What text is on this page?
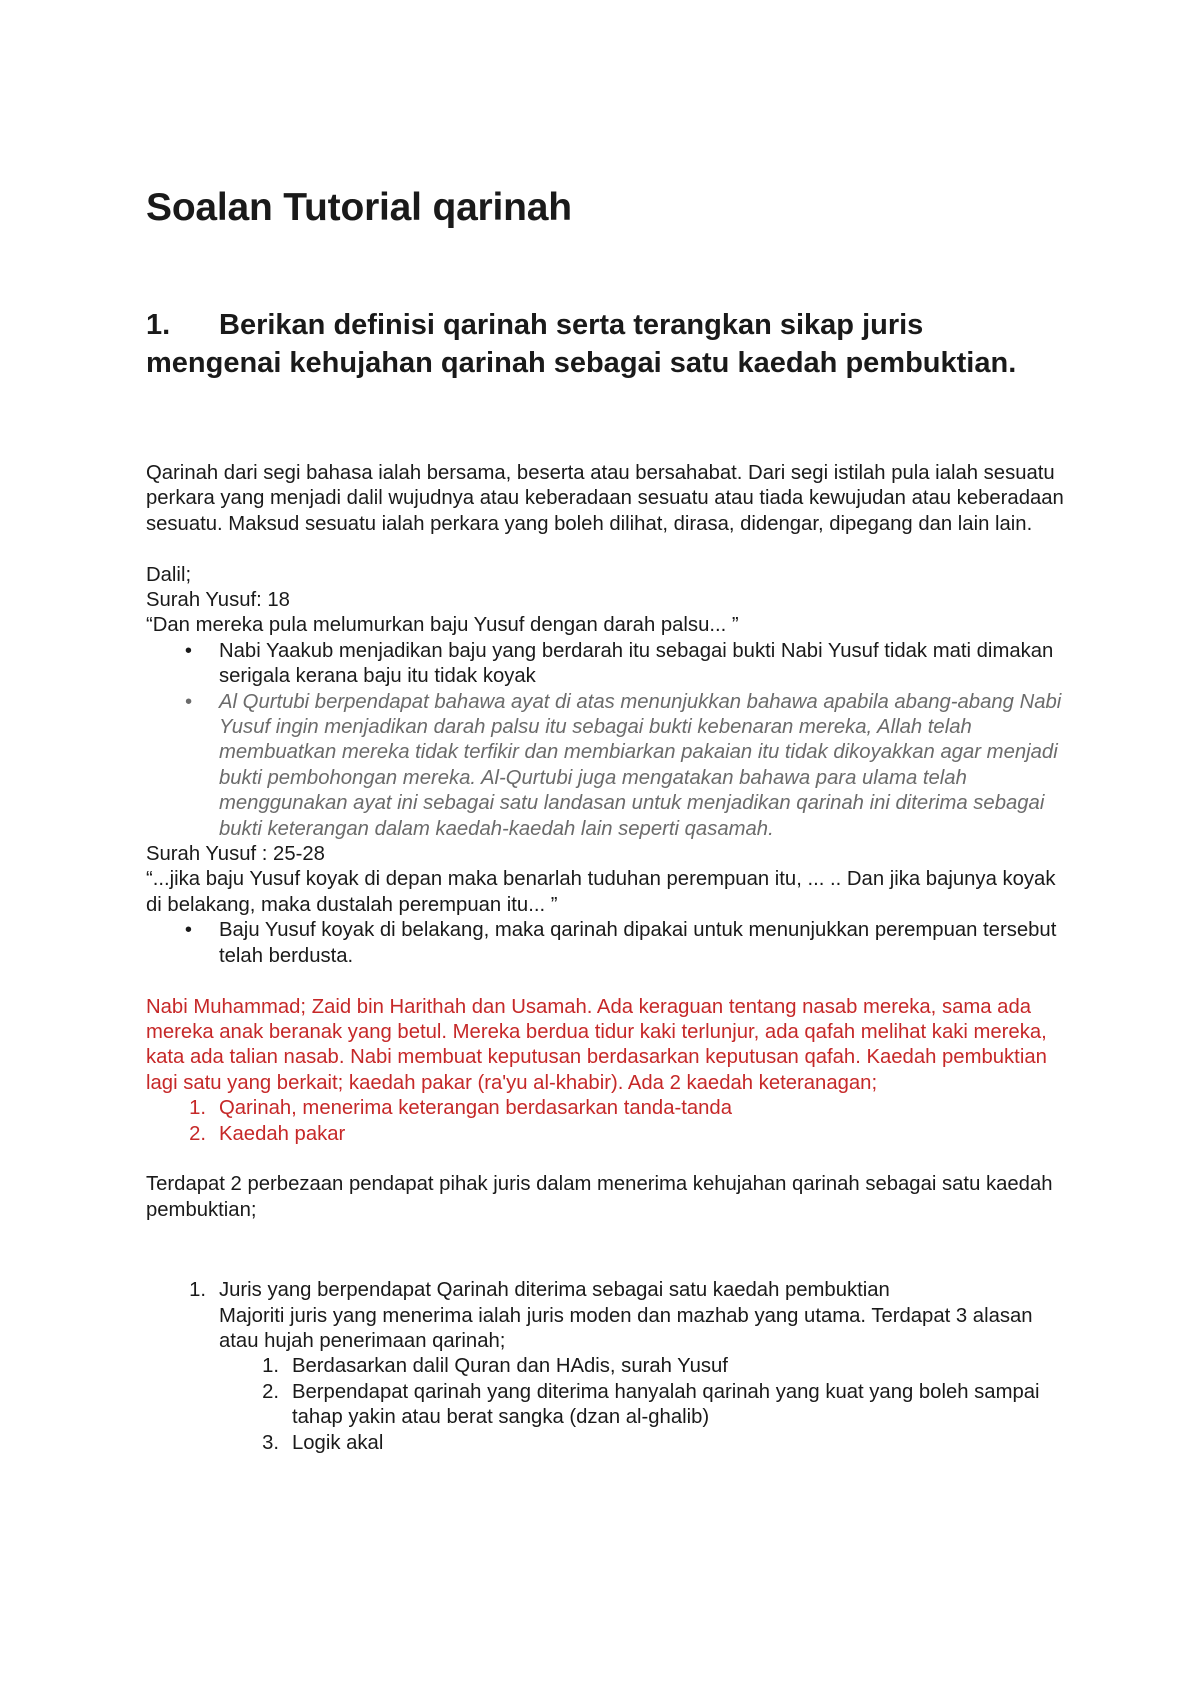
Soalan Tutorial qarinah
1. Berikan definisi qarinah serta terangkan sikap juris mengenai kehujahan qarinah sebagai satu kaedah pembuktian.

Qarinah dari segi bahasa ialah bersama, beserta atau bersahabat. Dari segi istilah pula ialah sesuatu perkara yang menjadi dalil wujudnya atau keberadaan sesuatu atau tiada kewujudan atau keberadaan sesuatu. Maksud sesuatu ialah perkara yang boleh dilihat, dirasa, didengar, dipegang dan lain lain.

Dalil;

Surah Yusuf: 18

“Dan mereka pula melumurkan baju Yusuf dengan darah palsu... ”

• Nabi Yaakub menjadikan baju yang berdarah itu sebagai bukti Nabi Yusuf tidak mati dimakan serigala kerana baju itu tidak koyak
• Al Qurtubi berpendapat bahawa ayat di atas menunjukkan bahawa apabila abang-abang Nabi Yusuf ingin menjadikan darah palsu itu sebagai bukti kebenaran mereka, Allah telah membuatkan mereka tidak terfikir dan membiarkan pakaian itu tidak dikoyakkan agar menjadi bukti pembohongan mereka. Al-Qurtubi juga mengatakan bahawa para ulama telah menggunakan ayat ini sebagai satu landasan untuk menjadikan qarinah ini diterima sebagai bukti keterangan dalam kaedah-kaedah lain seperti qasamah.

Surah Yusuf : 25-28

“...jika baju Yusuf koyak di depan maka benarlah tuduhan perempuan itu, ... .. Dan jika bajunya koyak di belakang, maka dustalah perempuan itu... ”

• Baju Yusuf koyak di belakang, maka qarinah dipakai untuk menunjukkan perempuan tersebut telah berdusta.

Nabi Muhammad; Zaid bin Harithah dan Usamah. Ada keraguan tentang nasab mereka, sama ada mereka anak beranak yang betul. Mereka berdua tidur kaki terlunjur, ada qafah melihat kaki mereka, kata ada talian nasab. Nabi membuat keputusan berdasarkan keputusan qafah. Kaedah pembuktian lagi satu yang berkait; kaedah pakar (ra'yu al-khabir). Ada 2 kaedah keteranagan;

1. Qarinah, menerima keterangan berdasarkan tanda-tanda
2. Kaedah pakar

Terdapat 2 perbezaan pendapat pihak juris dalam menerima kehujahan qarinah sebagai satu kaedah pembuktian;

1. Juris yang berpendapat Qarinah diterima sebagai satu kaedah pembuktian
Majoriti juris yang menerima ialah juris moden dan mazhab yang utama. Terdapat 3 alasan atau hujah penerimaan qarinah;
1. Berdasarkan dalil Quran dan HAdis, surah Yusuf
2. Berpendapat qarinah yang diterima hanyalah qarinah yang kuat yang boleh sampai tahap yakin atau berat sangka (dzan al-ghalib)
3. Logik akal
